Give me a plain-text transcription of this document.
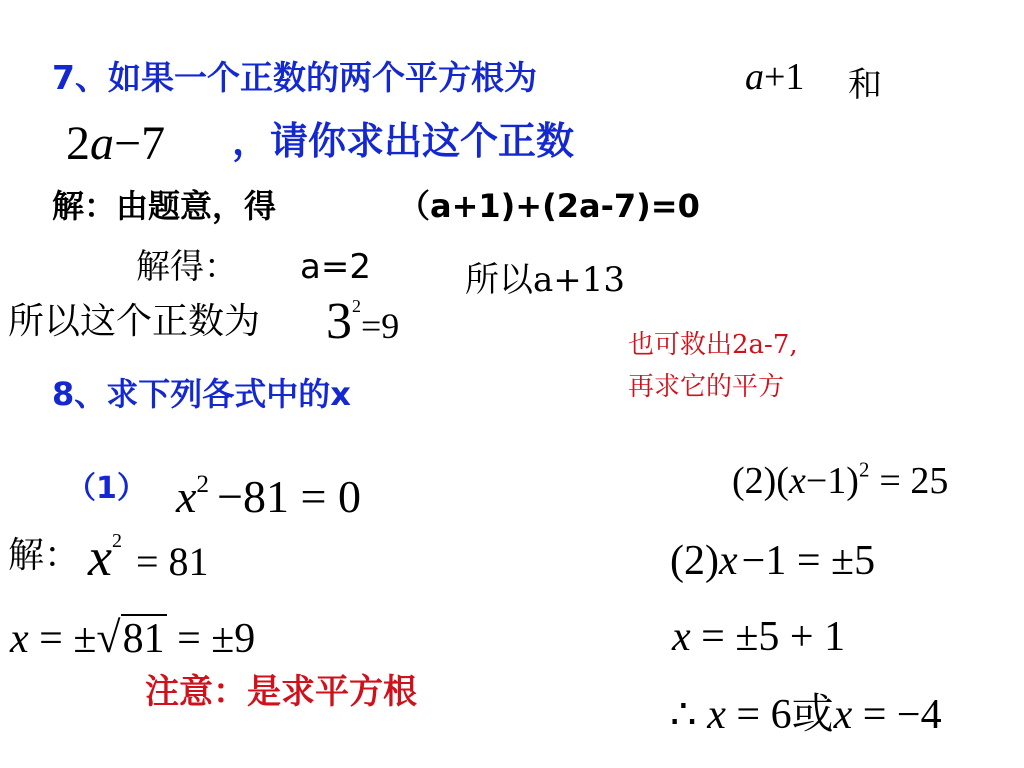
7、如果一个正数的两个平方根为	a+1 和
2a−7 ，请你求出这个正数
解：由题意，得	（a+1)+(2a-7)=0
解得： a=2	所以a+13
所以这个正数为 $3^2=9$	也可救出2a-7,
再求它的平方
8、求下列各式中的x
（1） $x^2 -81 = 0$
解： $x^2 = 81$
x = ±√81 = ±9
注意：是求平方根
$(2)(x-1)^2 = 25$
(2)x−1 = ±5
x = ±5 + 1
∴ x = 6或x = −4
